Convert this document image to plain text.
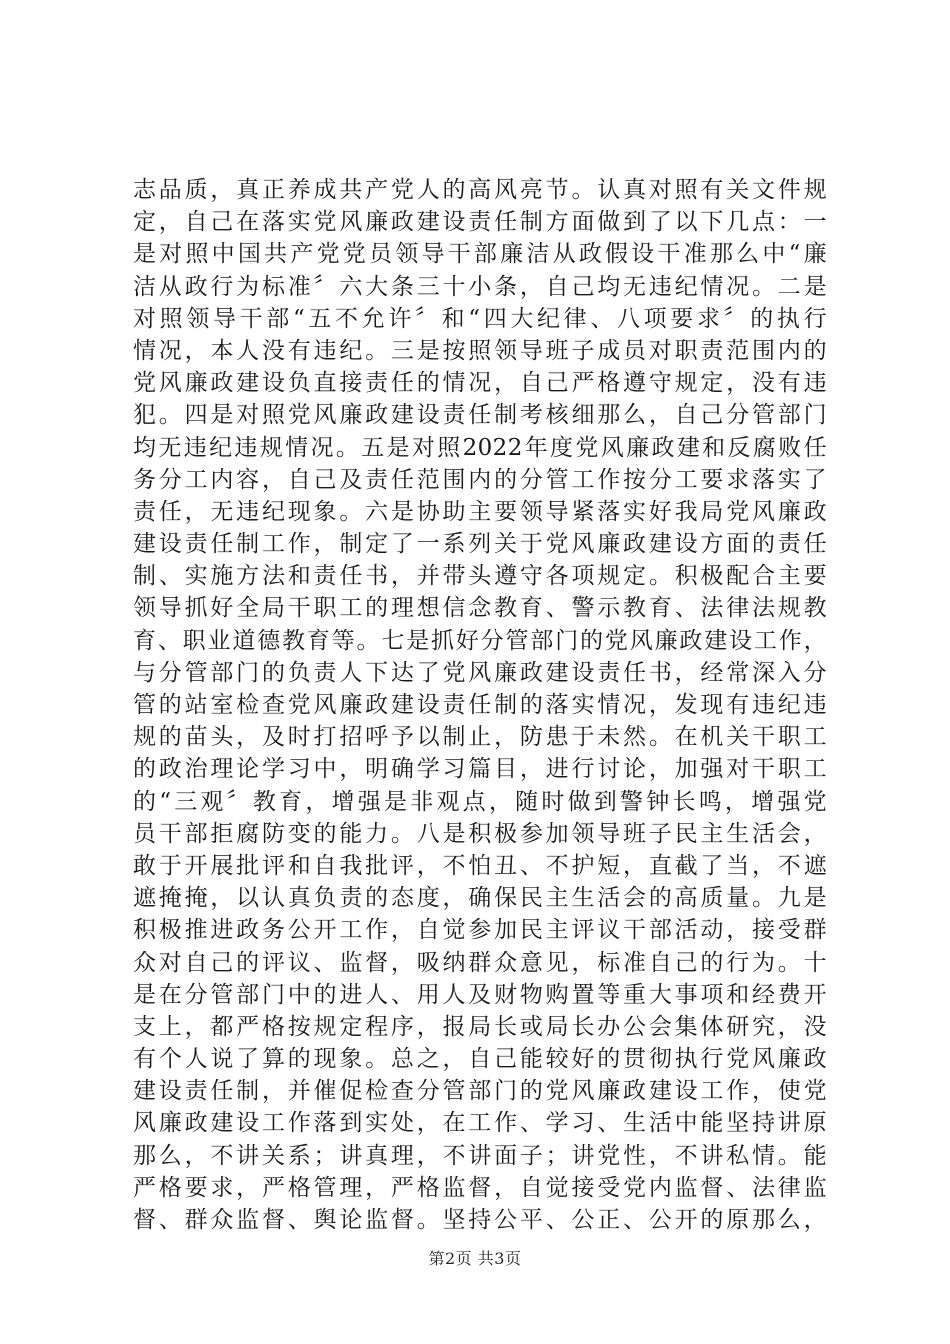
志品质，真正养成共产党人的高风亮节。认真对照有关文件规
定，自己在落实党风廉政建设责任制方面做到了以下几点：一
是对照中国共产党党员领导干部廉洁从政假设干准那么中“廉
洁从政行为标准〞六大条三十小条，自己均无违纪情况。二是
对照领导干部“五不允许〞和“四大纪律、八项要求〞的执行
情况，本人没有违纪。三是按照领导班子成员对职责范围内的
党风廉政建设负直接责任的情况，自己严格遵守规定，没有违
犯。四是对照党风廉政建设责任制考核细那么，自己分管部门
均无违纪违规情况。五是对照2022年度党风廉政建和反腐败任
务分工内容，自己及责任范围内的分管工作按分工要求落实了
责任，无违纪现象。六是协助主要领导紧落实好我局党风廉政
建设责任制工作，制定了一系列关于党风廉政建设方面的责任
制、实施方法和责任书，并带头遵守各项规定。积极配合主要
领导抓好全局干职工的理想信念教育、警示教育、法律法规教
育、职业道德教育等。七是抓好分管部门的党风廉政建设工作，
与分管部门的负责人下达了党风廉政建设责任书，经常深入分
管的站室检查党风廉政建设责任制的落实情况，发现有违纪违
规的苗头，及时打招呼予以制止，防患于未然。在机关干职工
的政治理论学习中，明确学习篇目，进行讨论，加强对干职工
的“三观〞教育，增强是非观点，随时做到警钟长鸣，增强党
员干部拒腐防变的能力。八是积极参加领导班子民主生活会，
敢于开展批评和自我批评，不怕丑、不护短，直截了当，不遮
遮掩掩，以认真负责的态度，确保民主生活会的高质量。九是
积极推进政务公开工作，自觉参加民主评议干部活动，接受群
众对自己的评议、监督，吸纳群众意见，标准自己的行为。十
是在分管部门中的进人、用人及财物购置等重大事项和经费开
支上，都严格按规定程序，报局长或局长办公会集体研究，没
有个人说了算的现象。总之，自己能较好的贯彻执行党风廉政
建设责任制，并催促检查分管部门的党风廉政建设工作，使党
风廉政建设工作落到实处，在工作、学习、生活中能坚持讲原
那么，不讲关系；讲真理，不讲面子；讲党性，不讲私情。能
严格要求，严格管理，严格监督，自觉接受党内监督、法律监
督、群众监督、舆论监督。坚持公平、公正、公开的原那么，
第2页 共3页
